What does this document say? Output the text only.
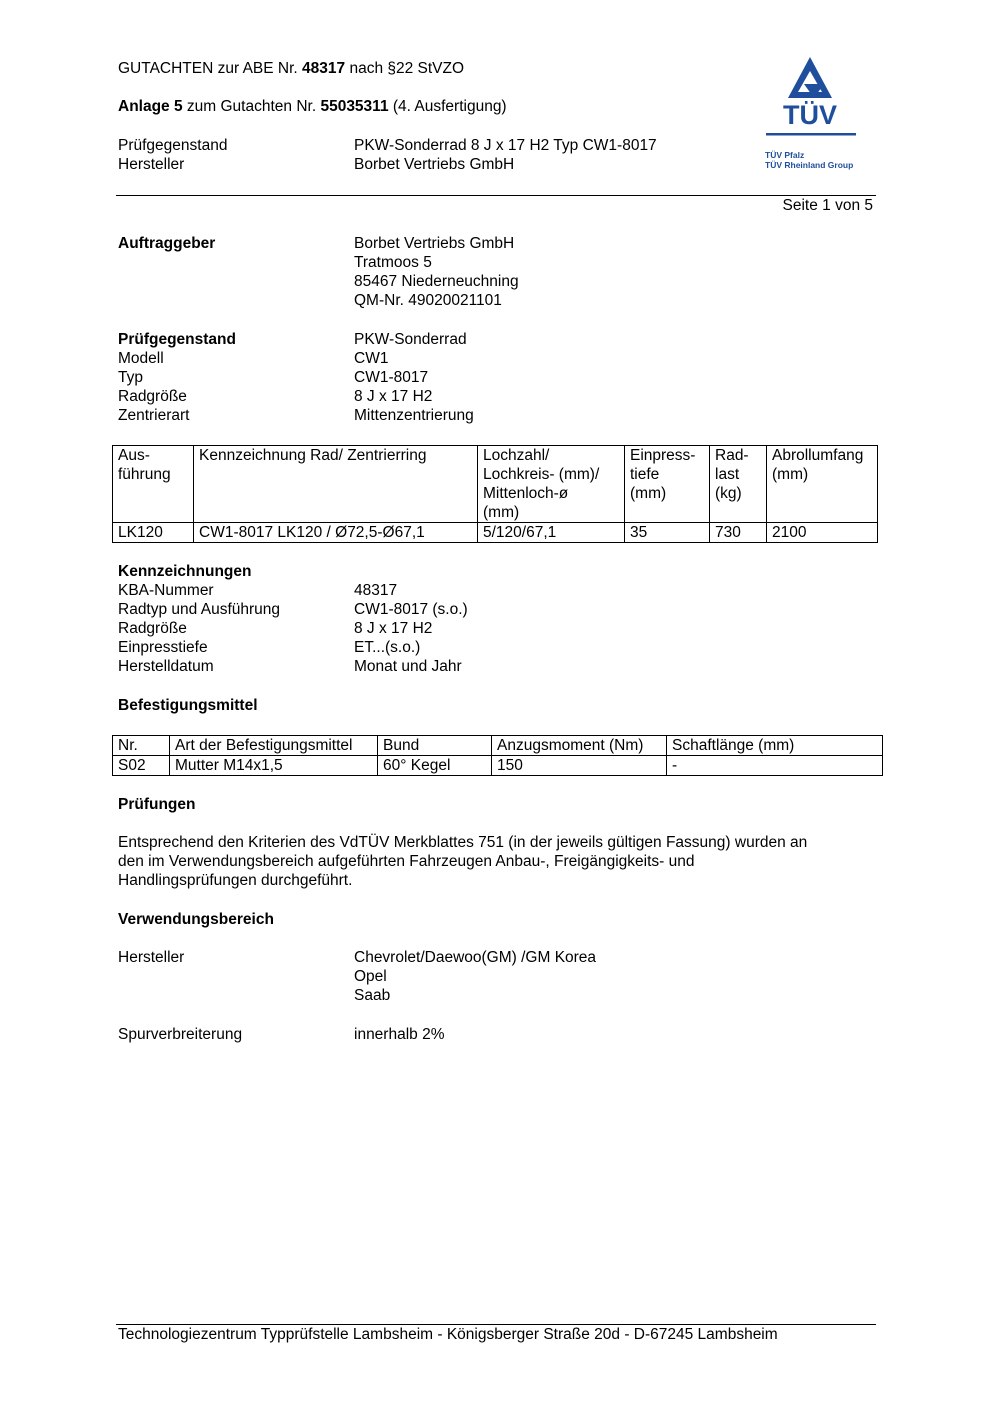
GUTACHTEN zur ABE Nr. 48317 nach §22 StVZO
Anlage 5 zum Gutachten Nr. 55035311 (4. Ausfertigung)
Prüfgegenstand	PKW-Sonderrad 8 J x 17 H2 Typ CW1-8017
Hersteller	Borbet Vertriebs GmbH
TÜV
TÜV Pfalz
TÜV Rheinland Group
Seite 1 von 5
Auftraggeber	Borbet Vertriebs GmbH
Tratmoos 5
85467 Niederneuchning
QM-Nr. 49020021101
Prüfgegenstand	PKW-Sonderrad
Modell	CW1
Typ	CW1-8017
Radgröße	8 J x 17 H2
Zentrierart	Mittenzentrierung
Aus-
führung	Kennzeichnung Rad/ Zentrierring	Lochzahl/
Lochkreis- (mm)/
Mittenloch-ø
(mm)	Einpress-
tiefe
(mm)	Rad-
last
(kg)	Abrollumfang
(mm)
LK120	CW1-8017 LK120 / Ø72,5-Ø67,1	5/120/67,1	35	730	2100
Kennzeichnungen
KBA-Nummer	48317
Radtyp und Ausführung	CW1-8017 (s.o.)
Radgröße	8 J x 17 H2
Einpresstiefe	ET...(s.o.)
Herstelldatum	Monat und Jahr
Befestigungsmittel
Nr.	Art der Befestigungsmittel	Bund	Anzugsmoment (Nm)	Schaftlänge (mm)
S02	Mutter M14x1,5	60° Kegel	150	-
Prüfungen
Entsprechend den Kriterien des VdTÜV Merkblattes 751 (in der jeweils gültigen Fassung) wurden an
den im Verwendungsbereich aufgeführten Fahrzeugen Anbau-, Freigängigkeits- und
Handlingsprüfungen durchgeführt.
Verwendungsbereich
Hersteller	Chevrolet/Daewoo(GM) /GM Korea
Opel
Saab
Spurverbreiterung	innerhalb 2%
Technologiezentrum Typprüfstelle Lambsheim - Königsberger Straße 20d - D-67245 Lambsheim
